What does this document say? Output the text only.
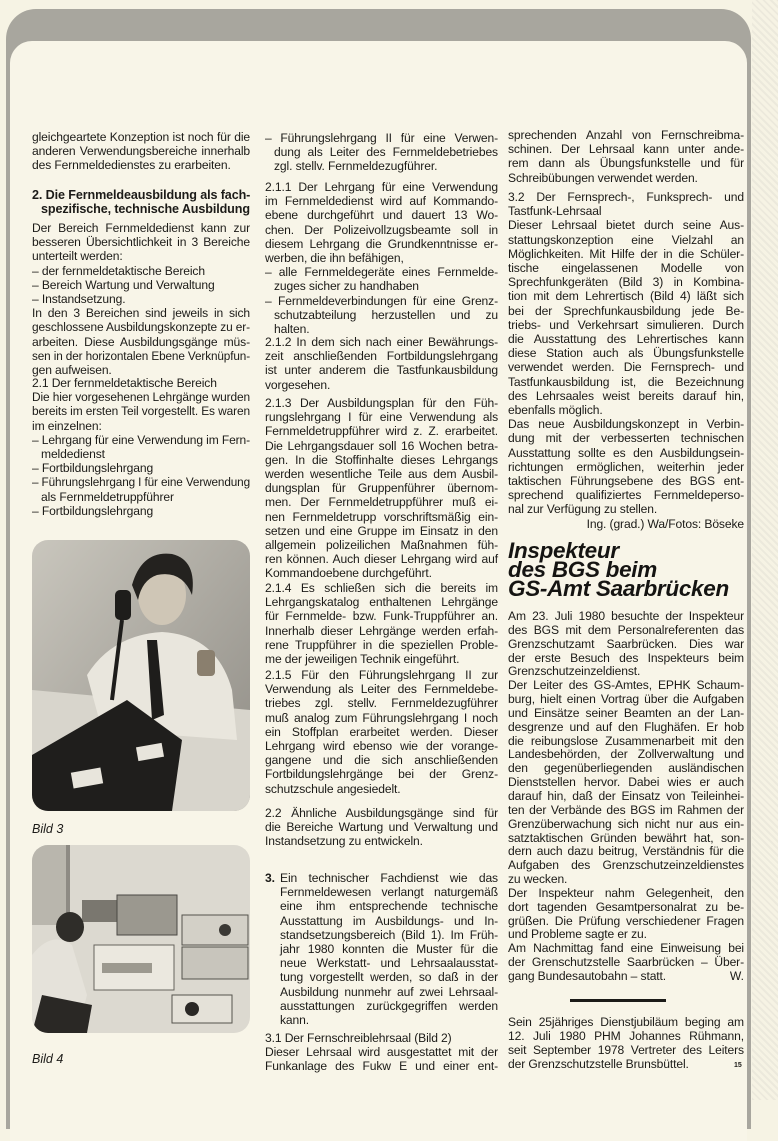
gleichgeartete Konzeption ist noch für die
anderen Verwendungsbereiche innerhalb
des Fernmeldedienstes zu erarbeiten.
2. Die Fernmeldeausbildung als fach-
spezifische, technische Ausbildung
Der Bereich Fernmeldedienst kann zur
besseren Übersichtlichkeit in 3 Bereiche
unterteilt werden:
– der fernmeldetaktische Bereich
– Bereich Wartung und Verwaltung
– Instandsetzung.
In den 3 Bereichen sind jeweils in sich
geschlossene Ausbildungskonzepte zu er-
arbeiten. Diese Ausbildungsgänge müs-
sen in der horizontalen Ebene Verknüpfun-
gen aufweisen.
2.1 Der fernmeldetaktische Bereich
Die hier vorgesehenen Lehrgänge wurden
bereits im ersten Teil vorgestellt. Es waren
im einzelnen:
– Lehrgang für eine Verwendung im Fern-
meldedienst
– Fortbildungslehrgang
– Führungslehrgang I für eine Verwendung
als Fernmeldetruppführer
– Fortbildungslehrgang
Bild 3
Bild 4
– Führungslehrgang II für eine Verwen-
dung als Leiter des Fernmeldebetriebes
zgl. stellv. Fernmeldezugführer.
2.1.1 Der Lehrgang für eine Verwendung
im Fernmeldedienst wird auf Kommando-
ebene durchgeführt und dauert 13 Wo-
chen. Der Polizeivollzugsbeamte soll in
diesem Lehrgang die Grundkenntnisse er-
werben, die ihn befähigen,
– alle Fernmeldegeräte eines Fernmelde-
zuges sicher zu handhaben
– Fernmeldeverbindungen für eine Grenz-
schutzabteilung herzustellen und zu
halten.
2.1.2 In dem sich nach einer Bewährungs-
zeit anschließenden Fortbildungslehrgang
ist unter anderem die Tastfunkausbildung
vorgesehen.
2.1.3 Der Ausbildungsplan für den Füh-
rungslehrgang I für eine Verwendung als
Fernmeldetruppführer wird z. Z. erarbeitet.
Die Lehrgangsdauer soll 16 Wochen betra-
gen. In die Stoffinhalte dieses Lehrgangs
werden wesentliche Teile aus dem Ausbil-
dungsplan für Gruppenführer übernom-
men. Der Fernmeldetruppführer muß ei-
nen Fernmeldetrupp vorschriftsmäßig ein-
setzen und eine Gruppe im Einsatz in den
allgemein polizeilichen Maßnahmen füh-
ren können. Auch dieser Lehrgang wird auf
Kommandoebene durchgeführt.
2.1.4 Es schließen sich die bereits im
Lehrgangskatalog enthaltenen Lehrgänge
für Fernmelde- bzw. Funk-Truppführer an.
Innerhalb dieser Lehrgänge werden erfah-
rene Truppführer in die speziellen Proble-
me der jeweiligen Technik eingeführt.
2.1.5 Für den Führungslehrgang II zur
Verwendung als Leiter des Fernmeldebe-
triebes zgl. stellv. Fernmeldezugführer
muß analog zum Führungslehrgang I noch
ein Stoffplan erarbeitet werden. Dieser
Lehrgang wird ebenso wie der vorange-
gangene und die sich anschließenden
Fortbildungslehrgänge bei der Grenz-
schutzschule angesiedelt.
2.2 Ähnliche Ausbildungsgänge sind für
die Bereiche Wartung und Verwaltung und
Instandsetzung zu entwickeln.
3. Ein technischer Fachdienst wie das
Fernmeldewesen verlangt naturgemäß
eine ihm entsprechende technische
Ausstattung im Ausbildungs- und In-
standsetzungsbereich (Bild 1). Im Früh-
jahr 1980 konnten die Muster für die
neue Werkstatt- und Lehrsaalausstat-
tung vorgestellt werden, so daß in der
Ausbildung nunmehr auf zwei Lehrsaal-
ausstattungen zurückgegriffen werden
kann.
3.1 Der Fernschreiblehrsaal (Bild 2)
Dieser Lehrsaal wird ausgestattet mit der
Funkanlage des Fukw E und einer ent-
sprechenden Anzahl von Fernschreibma-
schinen. Der Lehrsaal kann unter ande-
rem dann als Übungsfunkstelle und für
Schreibübungen verwendet werden.
3.2 Der Fernsprech-, Funksprech- und
Tastfunk-Lehrsaal
Dieser Lehrsaal bietet durch seine Aus-
stattungskonzeption eine Vielzahl an
Möglichkeiten. Mit Hilfe der in die Schüler-
tische eingelassenen Modelle von
Sprechfunkgeräten (Bild 3) in Kombina-
tion mit dem Lehrertisch (Bild 4) läßt sich
bei der Sprechfunkausbildung jede Be-
triebs- und Verkehrsart simulieren. Durch
die Ausstattung des Lehrertisches kann
diese Station auch als Übungsfunkstelle
verwendet werden. Die Fernsprech- und
Tastfunkausbildung ist, die Bezeichnung
des Lehrsaales weist bereits darauf hin,
ebenfalls möglich.
Das neue Ausbildungskonzept in Verbin-
dung mit der verbesserten technischen
Ausstattung sollte es den Ausbildungsein-
richtungen ermöglichen, weiterhin jeder
taktischen Führungsebene des BGS ent-
sprechend qualifiziertes Fernmeldeperso-
nal zur Verfügung zu stellen.
Ing. (grad.) Wa/Fotos: Böseke
Inspekteur
des BGS beim
GS-Amt Saarbrücken
Am 23. Juli 1980 besuchte der Inspekteur
des BGS mit dem Personalreferenten das
Grenzschutzamt Saarbrücken. Dies war
der erste Besuch des Inspekteurs beim
Grenzschutzeinzeldienst.
Der Leiter des GS-Amtes, EPHK Schaum-
burg, hielt einen Vortrag über die Aufgaben
und Einsätze seiner Beamten an der Lan-
desgrenze und auf den Flughäfen. Er hob
die reibungslose Zusammenarbeit mit den
Landesbehörden, der Zollverwaltung und
den gegenüberliegenden ausländischen
Dienststellen hervor. Dabei wies er auch
darauf hin, daß der Einsatz von Teileinhei-
ten der Verbände des BGS im Rahmen der
Grenzüberwachung sich nicht nur aus ein-
satztaktischen Gründen bewährt hat, son-
dern auch dazu beitrug, Verständnis für die
Aufgaben des Grenzschutzeinzeldienstes
zu wecken.
Der Inspekteur nahm Gelegenheit, den
dort tagenden Gesamtpersonalrat zu be-
grüßen. Die Prüfung verschiedener Fragen
und Probleme sagte er zu.
Am Nachmittag fand eine Einweisung bei
der Grenschutzstelle Saarbrücken – Über-
gang Bundesautobahn – statt.	W.
Sein 25jähriges Dienstjubiläum beging am
12. Juli 1980 PHM Johannes Rühmann,
seit September 1978 Vertreter des Leiters
der Grenzschutzstelle Brunsbüttel.	15
